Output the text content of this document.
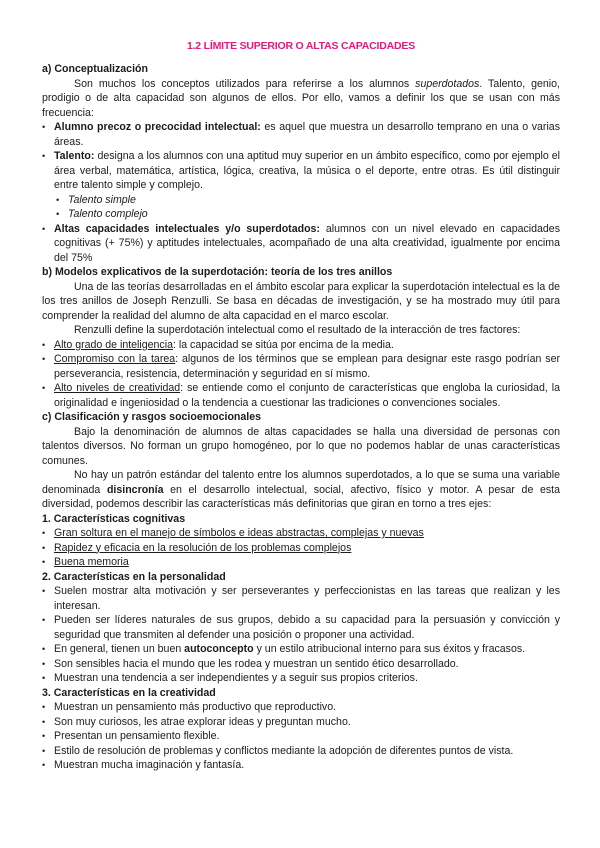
1.2 LÍMITE SUPERIOR O ALTAS CAPACIDADES
a) Conceptualización

Son muchos los conceptos utilizados para referirse a los alumnos superdotados. Talento, genio, prodigio o de alta capacidad son algunos de ellos. Por ello, vamos a definir los que se usan con más frecuencia:

• Alumno precoz o precocidad intelectual: es aquel que muestra un desarrollo temprano en una o varias áreas.

• Talento: designa a los alumnos con una aptitud muy superior en un ámbito específico, como por ejemplo el área verbal, matemática, artística, lógica, creativa, la música o el deporte, entre otras. Es útil distinguir entre talento simple y complejo.

• Talento simple

• Talento complejo

• Altas capacidades intelectuales y/o superdotados: alumnos con un nivel elevado en capacidades cognitivas (+ 75%) y aptitudes intelectuales, acompañado de una alta creatividad, igualmente por encima del 75%

b) Modelos explicativos de la superdotación: teoría de los tres anillos

Una de las teorías desarrolladas en el ámbito escolar para explicar la superdotación intelectual es la de los tres anillos de Joseph Renzulli. Se basa en décadas de investigación, y se ha mostrado muy útil para comprender la realidad del alumno de alta capacidad en el marco escolar.

Renzulli define la superdotación intelectual como el resultado de la interacción de tres factores:

• Alto grado de inteligencia: la capacidad se sitúa por encima de la media.

• Compromiso con la tarea: algunos de los términos que se emplean para designar este rasgo podrían ser perseverancia, resistencia, determinación y seguridad en sí mismo.

• Alto niveles de creatividad: se entiende como el conjunto de características que engloba la curiosidad, la originalidad e ingeniosidad o la tendencia a cuestionar las tradiciones o convenciones sociales.

c) Clasificación y rasgos socioemocionales

Bajo la denominación de alumnos de altas capacidades se halla una diversidad de personas con talentos diversos. No forman un grupo homogéneo, por lo que no podemos hablar de unas características comunes.

No hay un patrón estándar del talento entre los alumnos superdotados, a lo que se suma una variable denominada disincronía en el desarrollo intelectual, social, afectivo, físico y motor. A pesar de esta diversidad, podemos describir las características más definitorias que giran en torno a tres ejes:

1. Características cognitivas

• Gran soltura en el manejo de símbolos e ideas abstractas, complejas y nuevas

• Rapidez y eficacia en la resolución de los problemas complejos

• Buena memoria

2. Características en la personalidad

• Suelen mostrar alta motivación y ser perseverantes y perfeccionistas en las tareas que realizan y les interesan.

• Pueden ser líderes naturales de sus grupos, debido a su capacidad para la persuasión y convicción y seguridad que transmiten al defender una posición o proponer una actividad.

• En general, tienen un buen autoconcepto y un estilo atribucional interno para sus éxitos y fracasos.

• Son sensibles hacia el mundo que les rodea y muestran un sentido ético desarrollado.

• Muestran una tendencia a ser independientes y a seguir sus propios criterios.

3. Características en la creatividad

• Muestran un pensamiento más productivo que reproductivo.

• Son muy curiosos, les atrae explorar ideas y preguntan mucho.

• Presentan un pensamiento flexible.

• Estilo de resolución de problemas y conflictos mediante la adopción de diferentes puntos de vista.

• Muestran mucha imaginación y fantasía.
